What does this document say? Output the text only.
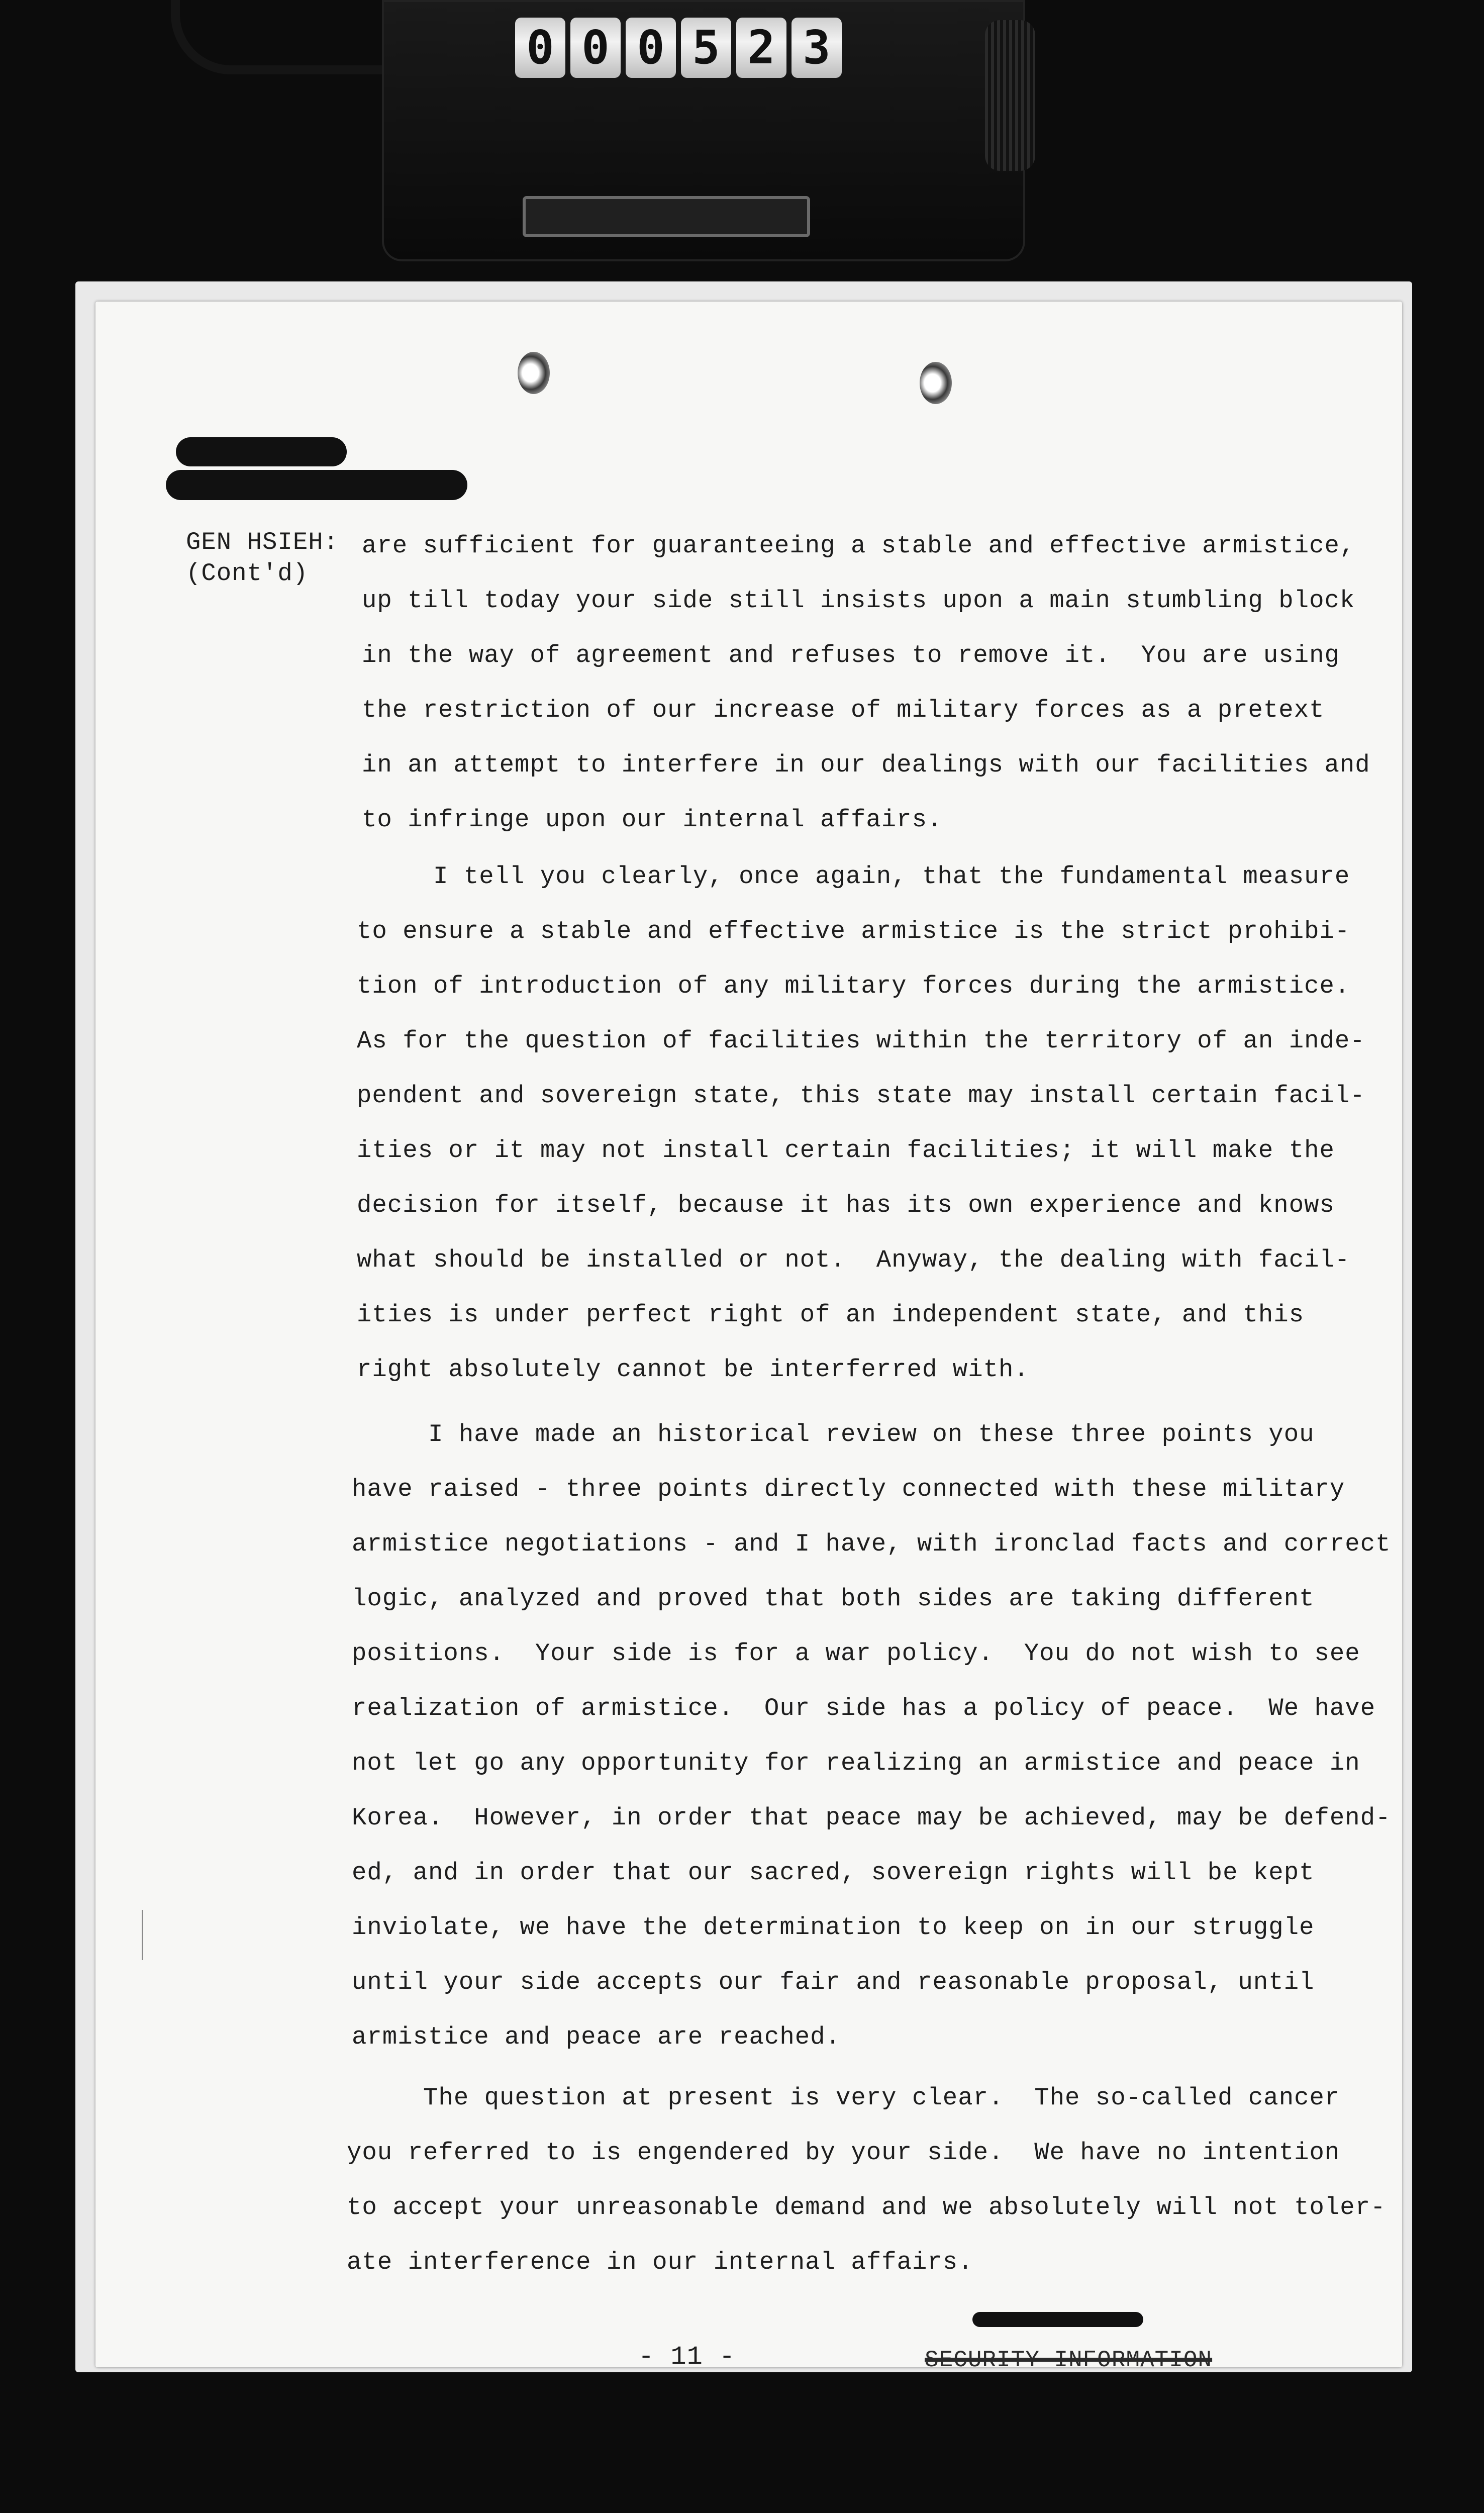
0 0 0 5 2 3
GEN HSIEH:
(Cont'd)
are sufficient for guaranteeing a stable and effective armistice,
up till today your side still insists upon a main stumbling block
in the way of agreement and refuses to remove it.  You are using
the restriction of our increase of military forces as a pretext
in an attempt to interfere in our dealings with our facilities and
to infringe upon our internal affairs.
I tell you clearly, once again, that the fundamental measure
to ensure a stable and effective armistice is the strict prohibi-
tion of introduction of any military forces during the armistice.
As for the question of facilities within the territory of an inde-
pendent and sovereign state, this state may install certain facil-
ities or it may not install certain facilities; it will make the
decision for itself, because it has its own experience and knows
what should be installed or not.  Anyway, the dealing with facil-
ities is under perfect right of an independent state, and this
right absolutely cannot be interferred with.
I have made an historical review on these three points you
have raised - three points directly connected with these military
armistice negotiations - and I have, with ironclad facts and correct
logic, analyzed and proved that both sides are taking different
positions.  Your side is for a war policy.  You do not wish to see
realization of armistice.  Our side has a policy of peace.  We have
not let go any opportunity for realizing an armistice and peace in
Korea.  However, in order that peace may be achieved, may be defend-
ed, and in order that our sacred, sovereign rights will be kept
inviolate, we have the determination to keep on in our struggle
until your side accepts our fair and reasonable proposal, until
armistice and peace are reached.
The question at present is very clear.  The so-called cancer
you referred to is engendered by your side.  We have no intention
to accept your unreasonable demand and we absolutely will not toler-
ate interference in our internal affairs.
- 11 -	SECURITY INFORMATION
